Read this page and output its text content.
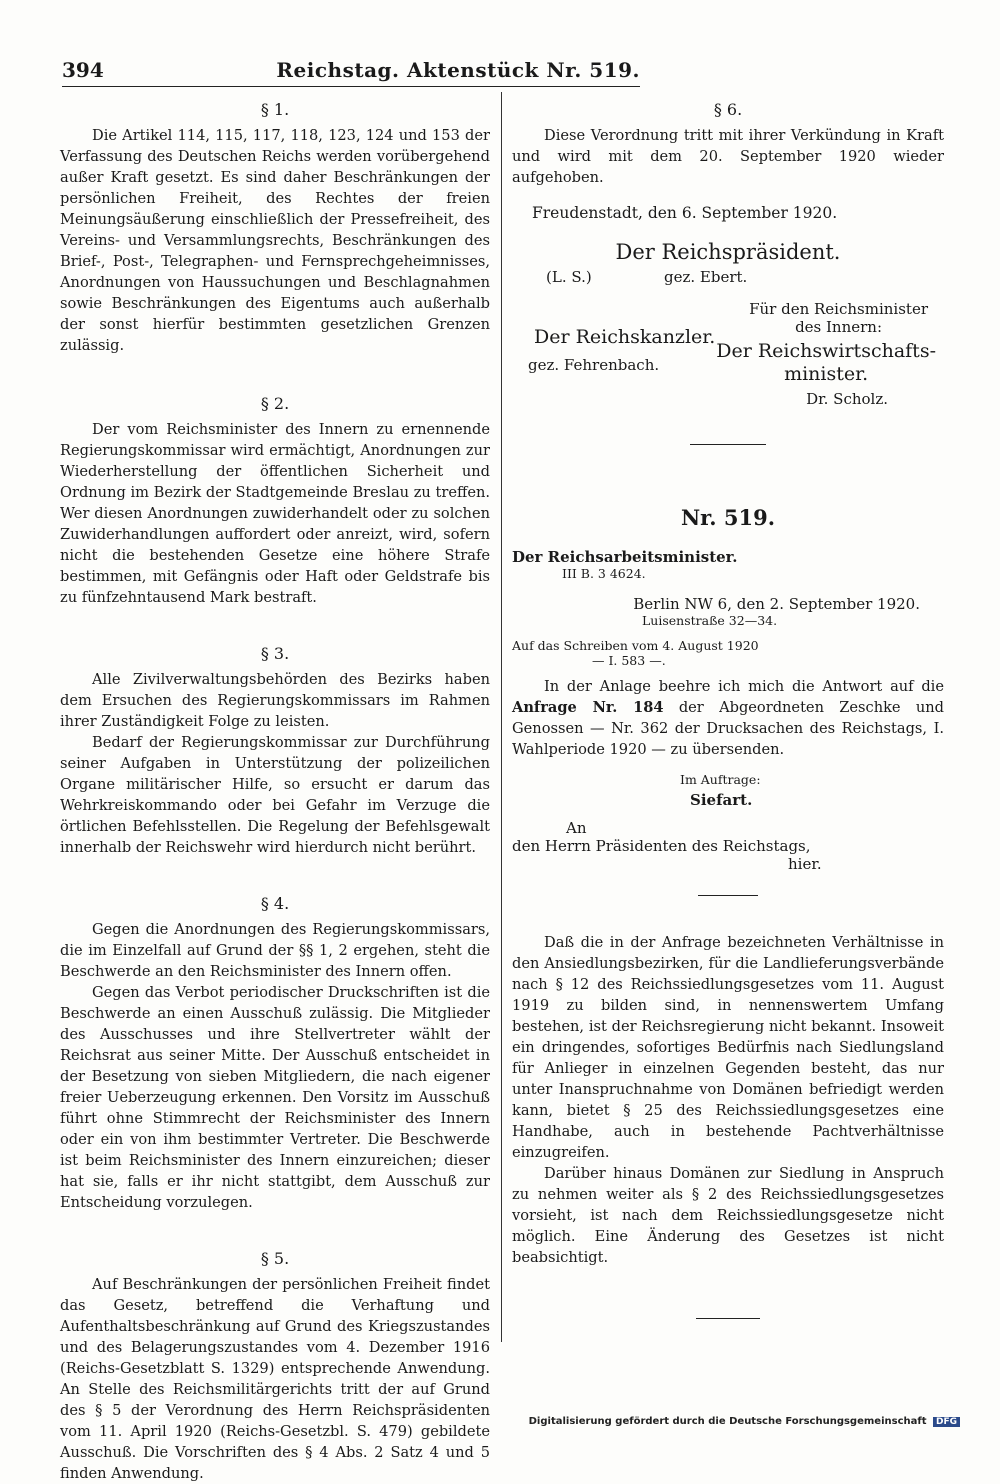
394	Reichstag. Aktenstück Nr. 519.
§ 1.

Die Artikel 114, 115, 117, 118, 123, 124 und 153 der Verfassung des Deutschen Reichs werden vorübergehend außer Kraft gesetzt. Es sind daher Beschränkungen der persönlichen Freiheit, des Rechtes der freien Meinungsäußerung einschließlich der Pressefreiheit, des Vereins- und Versammlungsrechts, Beschränkungen des Brief-, Post-, Telegraphen- und Fernsprechgeheimnisses, Anordnungen von Haussuchungen und Beschlagnahmen sowie Beschränkungen des Eigentums auch außerhalb der sonst hierfür bestimmten gesetzlichen Grenzen zulässig.

§ 2.

Der vom Reichsminister des Innern zu ernennende Regierungskommissar wird ermächtigt, Anordnungen zur Wiederherstellung der öffentlichen Sicherheit und Ordnung im Bezirk der Stadtgemeinde Breslau zu treffen. Wer diesen Anordnungen zuwiderhandelt oder zu solchen Zuwiderhandlungen auffordert oder anreizt, wird, sofern nicht die bestehenden Gesetze eine höhere Strafe bestimmen, mit Gefängnis oder Haft oder Geldstrafe bis zu fünfzehntausend Mark bestraft.

§ 3.

Alle Zivilverwaltungsbehörden des Bezirks haben dem Ersuchen des Regierungskommissars im Rahmen ihrer Zuständigkeit Folge zu leisten.

Bedarf der Regierungskommissar zur Durchführung seiner Aufgaben in Unterstützung der polizeilichen Organe militärischer Hilfe, so ersucht er darum das Wehrkreiskommando oder bei Gefahr im Verzuge die örtlichen Befehlsstellen. Die Regelung der Befehlsgewalt innerhalb der Reichswehr wird hierdurch nicht berührt.

§ 4.

Gegen die Anordnungen des Regierungskommissars, die im Einzelfall auf Grund der §§ 1, 2 ergehen, steht die Beschwerde an den Reichsminister des Innern offen.

Gegen das Verbot periodischer Druckschriften ist die Beschwerde an einen Ausschuß zulässig. Die Mitglieder des Ausschusses und ihre Stellvertreter wählt der Reichsrat aus seiner Mitte. Der Ausschuß entscheidet in der Besetzung von sieben Mitgliedern, die nach eigener freier Ueberzeugung erkennen. Den Vorsitz im Ausschuß führt ohne Stimmrecht der Reichsminister des Innern oder ein von ihm bestimmter Vertreter. Die Beschwerde ist beim Reichsminister des Innern einzureichen; dieser hat sie, falls er ihr nicht stattgibt, dem Ausschuß zur Entscheidung vorzulegen.

§ 5.

Auf Beschränkungen der persönlichen Freiheit findet das Gesetz, betreffend die Verhaftung und Aufenthaltsbeschränkung auf Grund des Kriegszustandes und des Belagerungszustandes vom 4. Dezember 1916 (Reichs-Gesetzblatt S. 1329) entsprechende Anwendung. An Stelle des Reichsmilitärgerichts tritt der auf Grund des § 5 der Verordnung des Herrn Reichspräsidenten vom 11. April 1920 (Reichs-Gesetzbl. S. 479) gebildete Ausschuß. Die Vorschriften des § 4 Abs. 2 Satz 4 und 5 finden Anwendung.

§ 6.

Diese Verordnung tritt mit ihrer Verkündung in Kraft und wird mit dem 20. September 1920 wieder aufgehoben.

Freudenstadt, den 6. September 1920.
Der Reichspräsident.
(L. S.)	gez. Ebert.
Für den Reichsminister
des Innern:
Der Reichskanzler.
gez. Fehrenbach.
Der Reichswirtschafts-
minister.
Dr. Scholz.
Nr. 519.
Der Reichsarbeitsminister.
III B. 3 4624.
Berlin NW 6, den 2. September 1920.
Luisenstraße 32—34.
Auf das Schreiben vom 4. August 1920
— I. 583 —.

In der Anlage beehre ich mich die Antwort auf die Anfrage Nr. 184 der Abgeordneten Zeschke und Genossen — Nr. 362 der Drucksachen des Reichstags, I. Wahlperiode 1920 — zu übersenden.

Im Auftrage:
Siefart.
An
den Herrn Präsidenten des Reichstags,
hier.

Daß die in der Anfrage bezeichneten Verhältnisse in den Ansiedlungsbezirken, für die Landlieferungsverbände nach § 12 des Reichssiedlungsgesetzes vom 11. August 1919 zu bilden sind, in nennenswertem Umfang bestehen, ist der Reichsregierung nicht bekannt. Insoweit ein dringendes, sofortiges Bedürfnis nach Siedlungsland für Anlieger in einzelnen Gegenden besteht, das nur unter Inanspruchnahme von Domänen befriedigt werden kann, bietet § 25 des Reichssiedlungsgesetzes eine Handhabe, auch in bestehende Pachtverhältnisse einzugreifen.

Darüber hinaus Domänen zur Siedlung in Anspruch zu nehmen weiter als § 2 des Reichssiedlungsgesetzes vorsieht, ist nach dem Reichssiedlungsgesetze nicht möglich. Eine Änderung des Gesetzes ist nicht beabsichtigt.

Digitalisierung gefördert durch die Deutsche Forschungsgemeinschaft DFG
